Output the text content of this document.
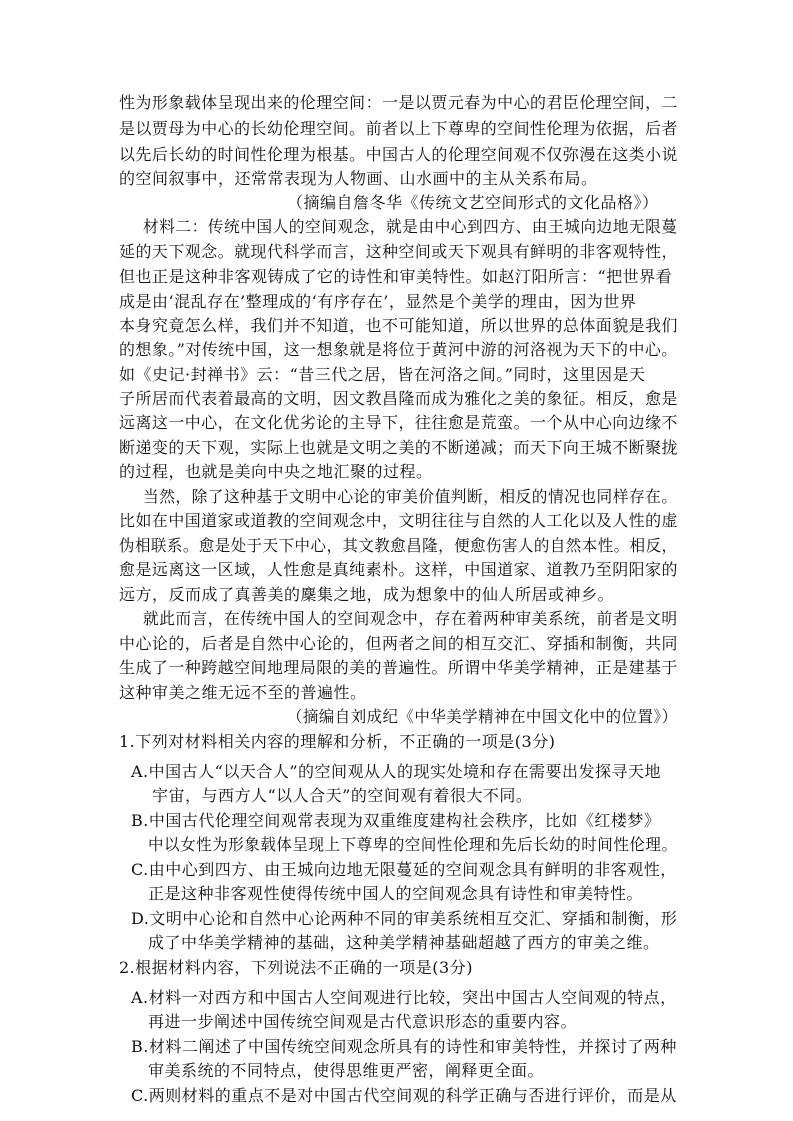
性为形象载体呈现出来的伦理空间：一是以贾元春为中心的君臣伦理空间，二
是以贾母为中心的长幼伦理空间。前者以上下尊卑的空间性伦理为依据，后者
以先后长幼的时间性伦理为根基。中国古人的伦理空间观不仅弥漫在这类小说
的空间叙事中，还常常表现为人物画、山水画中的主从关系布局。
（摘编自詹冬华《传统文艺空间形式的文化品格》）
材料二：传统中国人的空间观念，就是由中心到四方、由王城向边地无限蔓
延的天下观念。就现代科学而言，这种空间或天下观具有鲜明的非客观特性，
但也正是这种非客观铸成了它的诗性和审美特性。如赵汀阳所言：“把世界看
成是由‘混乱存在’整理成的‘有序存在’，显然是个美学的理由，因为世界
本身究竟怎么样，我们并不知道，也不可能知道，所以世界的总体面貌是我们
的想象。”对传统中国，这一想象就是将位于黄河中游的河洛视为天下的中心。
如《史记·封禅书》云：“昔三代之居，皆在河洛之间。”同时，这里因是天
子所居而代表着最高的文明，因文教昌隆而成为雅化之美的象征。相反，愈是
远离这一中心，在文化优劣论的主导下，往往愈是荒蛮。一个从中心向边缘不
断递变的天下观，实际上也就是文明之美的不断递减；而天下向王城不断聚拢
的过程，也就是美向中央之地汇聚的过程。
当然，除了这种基于文明中心论的审美价值判断，相反的情况也同样存在。
比如在中国道家或道教的空间观念中，文明往往与自然的人工化以及人性的虚
伪相联系。愈是处于天下中心，其文教愈昌隆，便愈伤害人的自然本性。相反，
愈是远离这一区域，人性愈是真纯素朴。这样，中国道家、道教乃至阴阳家的
远方，反而成了真善美的麇集之地，成为想象中的仙人所居或神乡。
就此而言，在传统中国人的空间观念中，存在着两种审美系统，前者是文明
中心论的，后者是自然中心论的，但两者之间的相互交汇、穿插和制衡，共同
生成了一种跨越空间地理局限的美的普遍性。所谓中华美学精神，正是建基于
这种审美之维无远不至的普遍性。
（摘编自刘成纪《中华美学精神在中国文化中的位置》）
1.下列对材料相关内容的理解和分析，不正确的一项是(3分)
A.中国古人“以天合人”的空间观从人的现实处境和存在需要出发探寻天地
宇宙，与西方人“以人合天”的空间观有着很大不同。
B.中国古代伦理空间观常表现为双重维度建构社会秩序，比如《红楼梦》
中以女性为形象载体呈现上下尊卑的空间性伦理和先后长幼的时间性伦理。
C.由中心到四方、由王城向边地无限蔓延的空间观念具有鲜明的非客观性，
正是这种非客观性使得传统中国人的空间观念具有诗性和审美特性。
D.文明中心论和自然中心论两种不同的审美系统相互交汇、穿插和制衡，形
成了中华美学精神的基础，这种美学精神基础超越了西方的审美之维。
2.根据材料内容，下列说法不正确的一项是(3分)
A.材料一对西方和中国古人空间观进行比较，突出中国古人空间观的特点，
再进一步阐述中国传统空间观是古代意识形态的重要内容。
B.材料二阐述了中国传统空间观念所具有的诗性和审美特性，并探讨了两种
审美系统的不同特点，使得思维更严密，阐释更全面。
C.两则材料的重点不是对中国古代空间观的科学正确与否进行评价，而是从
